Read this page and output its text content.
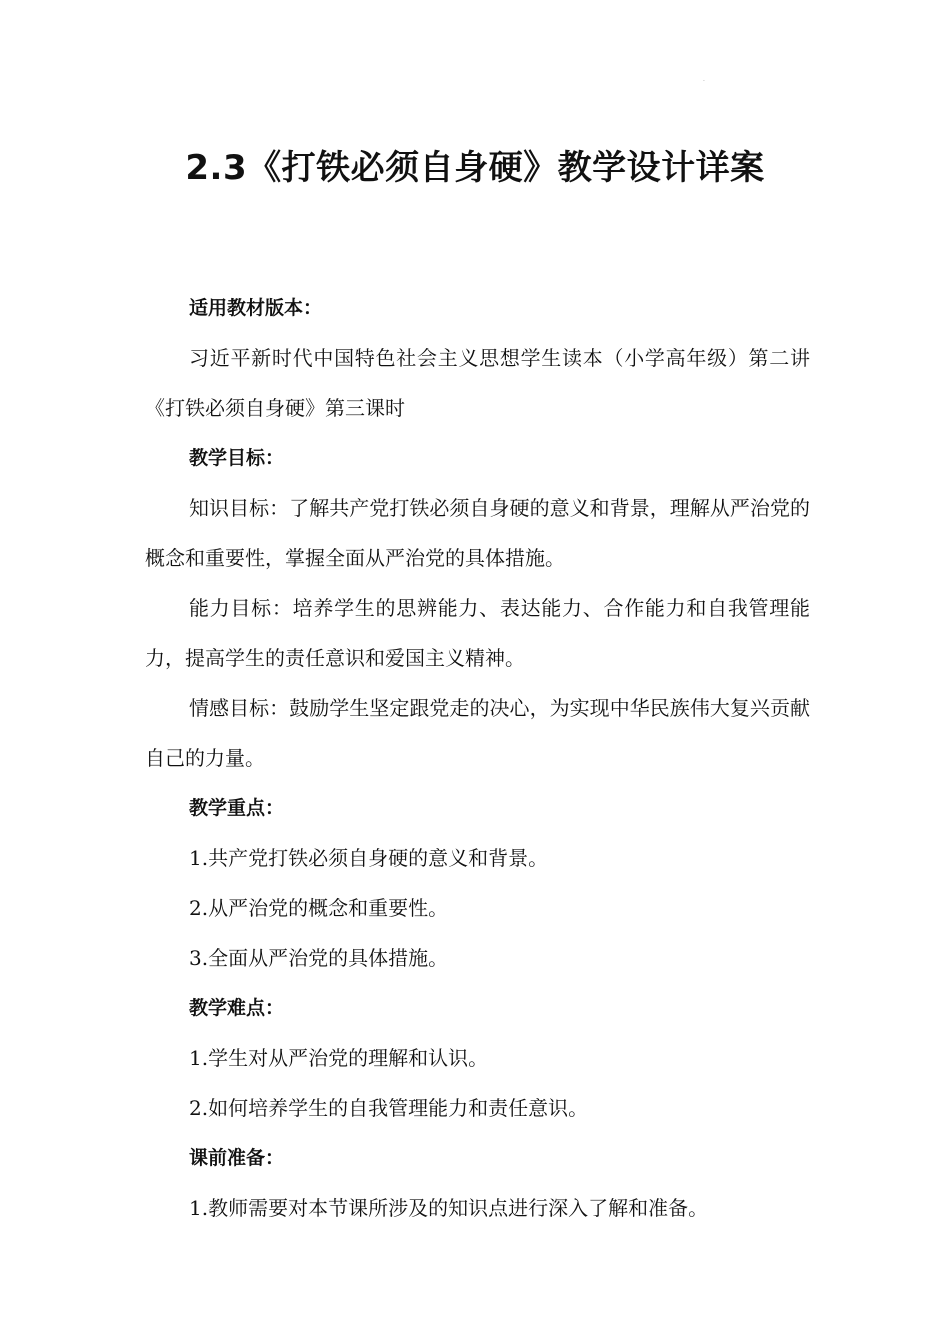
·
2.3《打铁必须自身硬》教学设计详案

适用教材版本：

习近平新时代中国特色社会主义思想学生读本（小学高年级）第二讲《打铁必须自身硬》第三课时

教学目标：

知识目标：了解共产党打铁必须自身硬的意义和背景，理解从严治党的概念和重要性，掌握全面从严治党的具体措施。

能力目标：培养学生的思辨能力、表达能力、合作能力和自我管理能力，提高学生的责任意识和爱国主义精神。

情感目标：鼓励学生坚定跟党走的决心，为实现中华民族伟大复兴贡献自己的力量。

教学重点：

1.共产党打铁必须自身硬的意义和背景。

2.从严治党的概念和重要性。

3.全面从严治党的具体措施。

教学难点：

1.学生对从严治党的理解和认识。

2.如何培养学生的自我管理能力和责任意识。

课前准备：

1.教师需要对本节课所涉及的知识点进行深入了解和准备。
